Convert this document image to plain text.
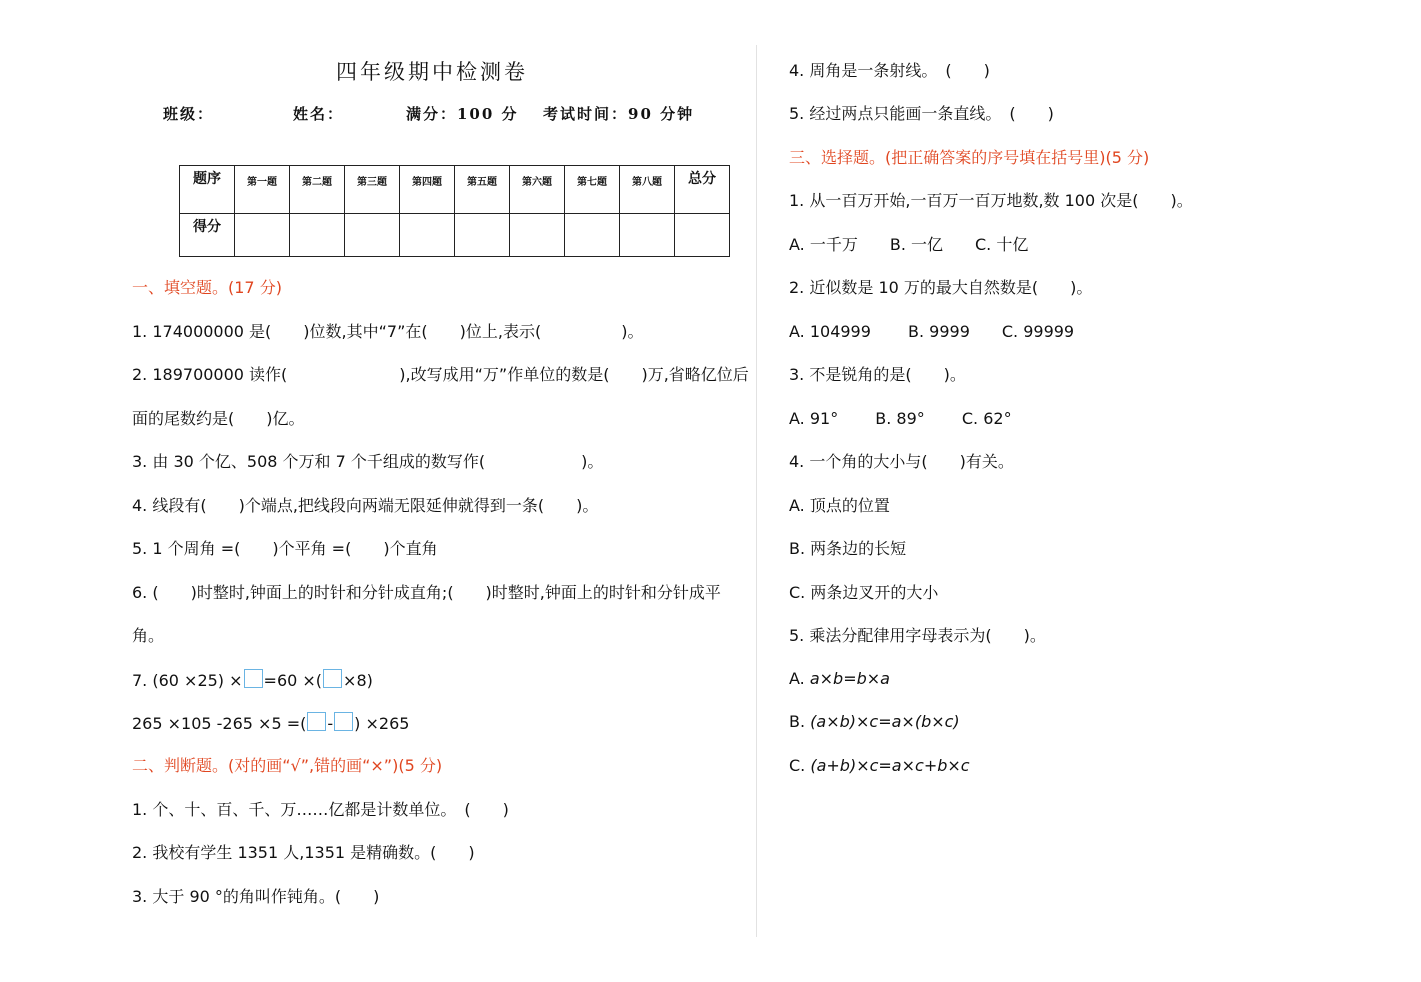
四年级期中检测卷
班级：	姓名：	满分：100 分 考试时间：90 分钟
题序	第一题	第二题	第三题	第四题	第五题	第六题	第七题	第八题	总分
得分									
一、填空题。(17 分)
1. 174000000 是(　　)位数,其中“7”在(　　)位上,表示(　　　　　)。
2. 189700000 读作(　　　　　　　),改写成用“万”作单位的数是(　　)万,省略亿位后
面的尾数约是(　　)亿。
3. 由 30 个亿、508 个万和 7 个千组成的数写作(　　　　　　)。
4. 线段有(　　)个端点,把线段向两端无限延伸就得到一条(　　)。
5. 1 个周角 =(　　)个平角 =(　　)个直角
6. (　　)时整时,钟面上的时针和分针成直角;(　　)时整时,钟面上的时针和分针成平
角。
7. (60 ×25) × =60 ×( ×8)
265 ×105 -265 ×5 =( - ) ×265
二、判断题。(对的画“√”,错的画“×”)(5 分)
1. 个、十、百、千、万……亿都是计数单位。　(　　)
2. 我校有学生 1351 人,1351 是精确数。(　　)
3. 大于 90 °的角叫作钝角。(　　)
4. 周角是一条射线。　(　　)
5. 经过两点只能画一条直线。　(　　)
三、选择题。(把正确答案的序号填在括号里)(5 分)
1. 从一百万开始,一百万一百万地数,数 100 次是(　　)。
A. 一千万　　B. 一亿　　C. 十亿
2. 近似数是 10 万的最大自然数是(　　)。
A. 104999　　 B. 9999　　C. 99999
3. 不是锐角的是(　　)。
A. 91°　　 B. 89°　　 C. 62°
4. 一个角的大小与(　　)有关。
A. 顶点的位置
B. 两条边的长短
C. 两条边叉开的大小
5. 乘法分配律用字母表示为(　　)。
A. a×b=b×a
B. (a×b)×c=a×(b×c)
C. (a+b)×c=a×c+b×c
